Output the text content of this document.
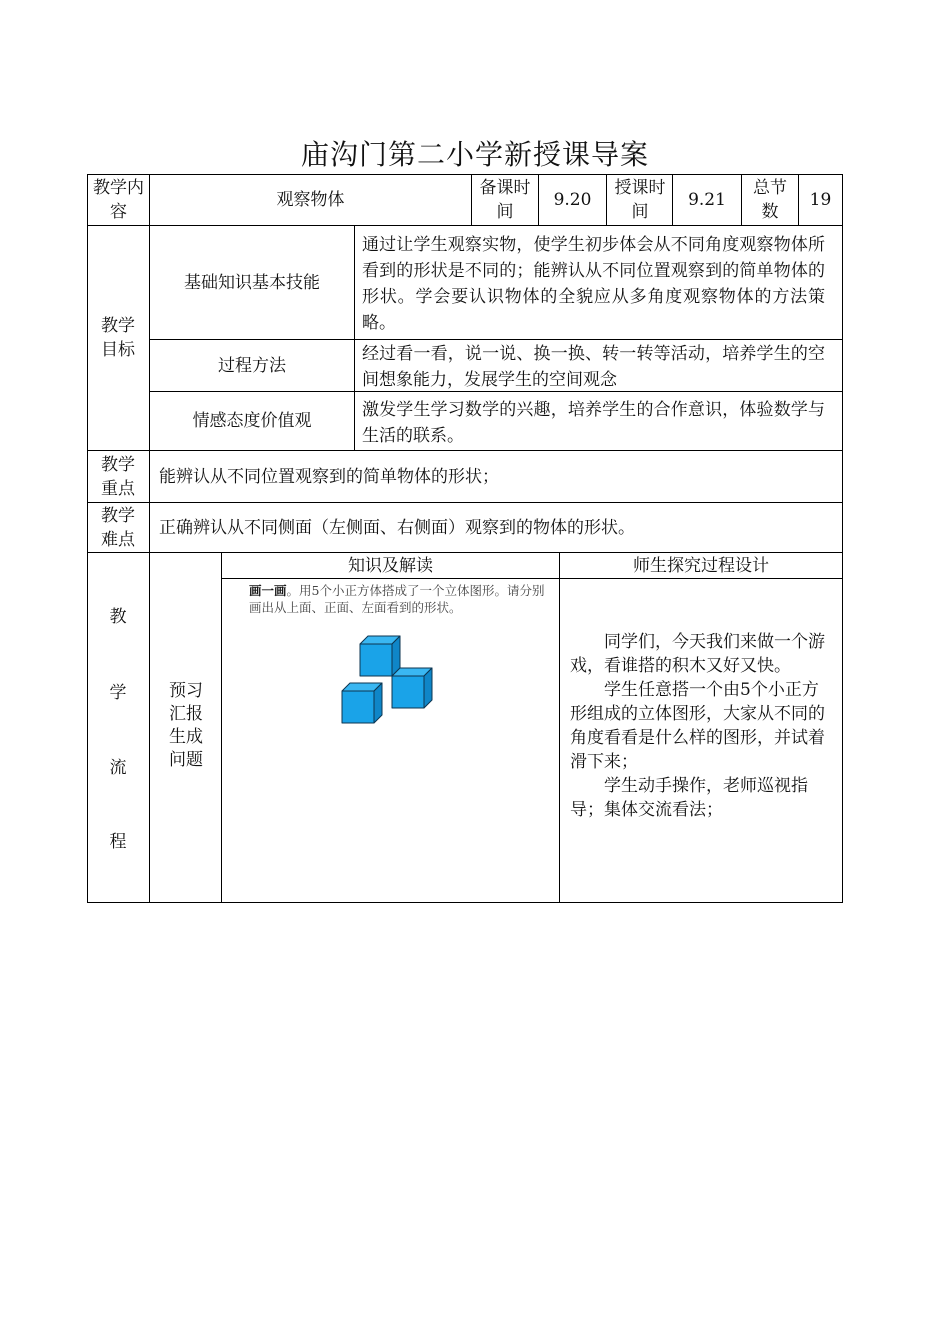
庙沟门第二小学新授课导案
教学内容
观察物体
备课时间
9.20
授课时间
9.21
总节数
19
教学目标
基础知识基本技能
通过让学生观察实物，使学生初步体会从不同角度观察物体所看到的形状是不同的；能辨认从不同位置观察到的简单物体的形状。学会要认识物体的全貌应从多角度观察物体的方法策略。
过程方法
经过看一看，说一说、换一换、转一转等活动，培养学生的空间想象能力，发展学生的空间观念
情感态度价值观
激发学生学习数学的兴趣，培养学生的合作意识，体验数学与生活的联系。
教学重点
能辨认从不同位置观察到的简单物体的形状；
教学难点
正确辨认从不同侧面（左侧面、右侧面）观察到的物体的形状。
教
学
流
程
预习汇报生成问题
知识及解读	师生探究过程设计
画一画。用5个小正方体搭成了一个立体图形。请分别画出从上面、正面、左面看到的形状。

同学们，今天我们来做一个游戏，看谁搭的积木又好又快。

学生任意搭一个由5个小正方形组成的立体图形，大家从不同的角度看看是什么样的图形，并试着滑下来；

学生动手操作，老师巡视指导；集体交流看法；
